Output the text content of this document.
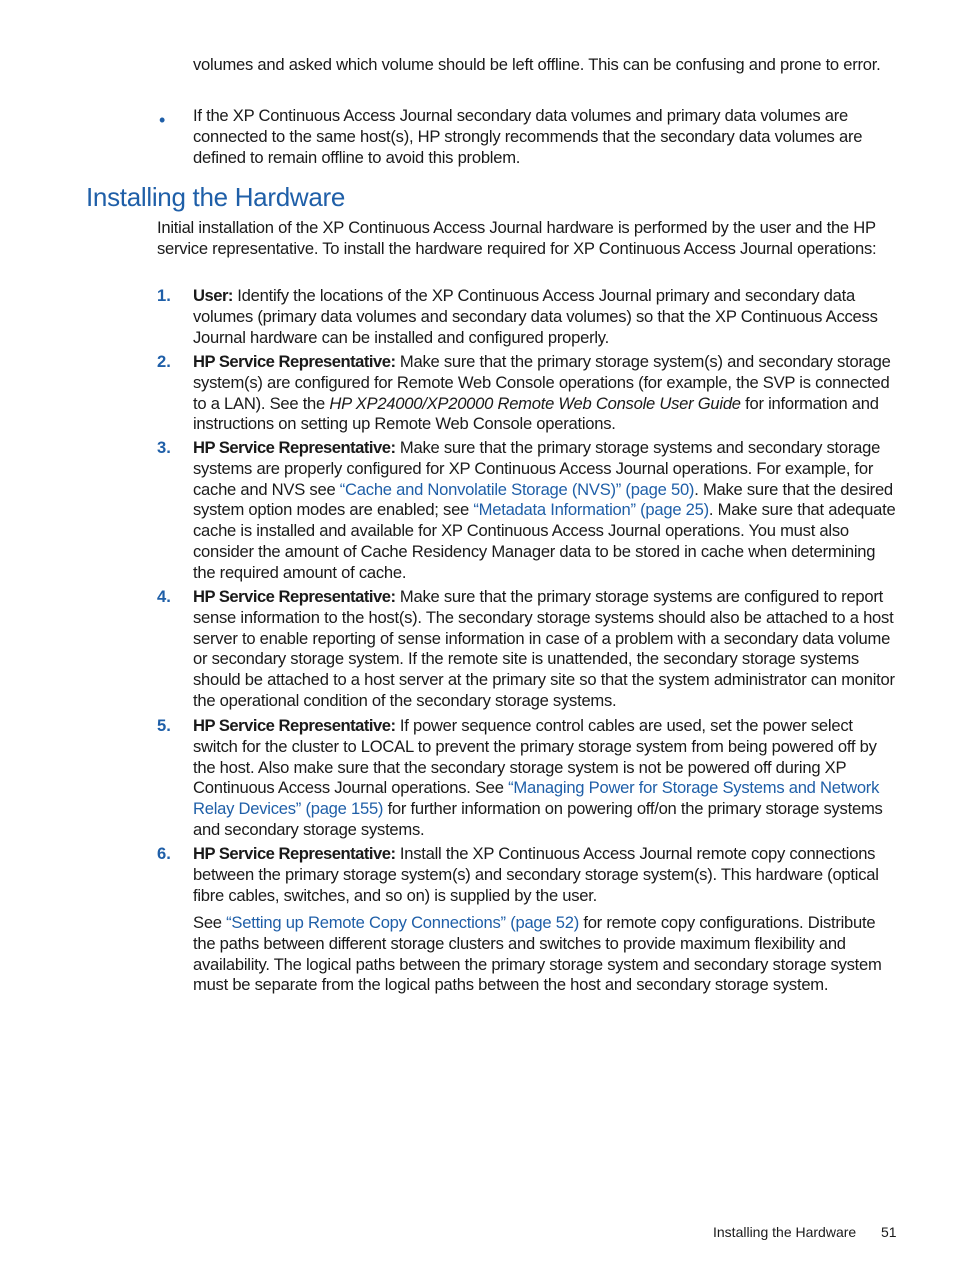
volumes and asked which volume should be left offline. This can be confusing and prone to error.

• If the XP Continuous Access Journal secondary data volumes and primary data volumes are connected to the same host(s), HP strongly recommends that the secondary data volumes are defined to remain offline to avoid this problem.

Installing the Hardware

Initial installation of the XP Continuous Access Journal hardware is performed by the user and the HP service representative. To install the hardware required for XP Continuous Access Journal operations:

1. User: Identify the locations of the XP Continuous Access Journal primary and secondary data volumes (primary data volumes and secondary data volumes) so that the XP Continuous Access Journal hardware can be installed and configured properly.

2. HP Service Representative: Make sure that the primary storage system(s) and secondary storage system(s) are configured for Remote Web Console operations (for example, the SVP is connected to a LAN). See the HP XP24000/XP20000 Remote Web Console User Guide for information and instructions on setting up Remote Web Console operations.

3. HP Service Representative: Make sure that the primary storage systems and secondary storage systems are properly configured for XP Continuous Access Journal operations. For example, for cache and NVS see “Cache and Nonvolatile Storage (NVS)” (page 50). Make sure that the desired system option modes are enabled; see “Metadata Information” (page 25). Make sure that adequate cache is installed and available for XP Continuous Access Journal operations. You must also consider the amount of Cache Residency Manager data to be stored in cache when determining the required amount of cache.

4. HP Service Representative: Make sure that the primary storage systems are configured to report sense information to the host(s). The secondary storage systems should also be attached to a host server to enable reporting of sense information in case of a problem with a secondary data volume or secondary storage system. If the remote site is unattended, the secondary storage systems should be attached to a host server at the primary site so that the system administrator can monitor the operational condition of the secondary storage systems.

5. HP Service Representative: If power sequence control cables are used, set the power select switch for the cluster to LOCAL to prevent the primary storage system from being powered off by the host. Also make sure that the secondary storage system is not be powered off during XP Continuous Access Journal operations. See “Managing Power for Storage Systems and Network Relay Devices” (page 155) for further information on powering off/on the primary storage systems and secondary storage systems.

6. HP Service Representative: Install the XP Continuous Access Journal remote copy connections between the primary storage system(s) and secondary storage system(s). This hardware (optical fibre cables, switches, and so on) is supplied by the user.

See “Setting up Remote Copy Connections” (page 52) for remote copy configurations. Distribute the paths between different storage clusters and switches to provide maximum flexibility and availability. The logical paths between the primary storage system and secondary storage system must be separate from the logical paths between the host and secondary storage system.

Installing the Hardware 51
